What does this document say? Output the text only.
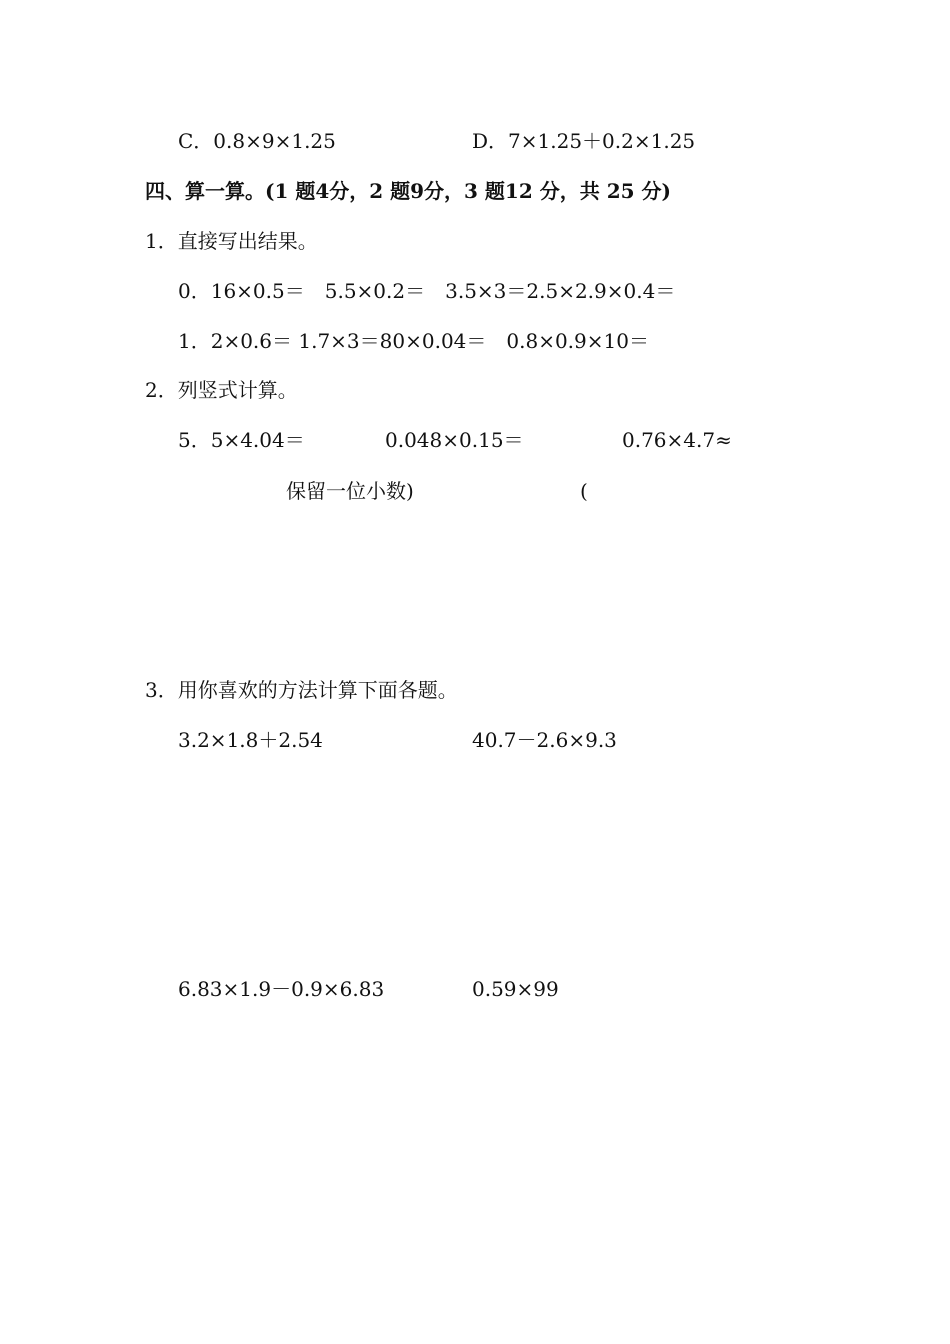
C．0.8×9×1.25	D．7×1.25＋0.2×1.25
四、算一算。(1 题4分，2 题9分，3 题12 分，共 25 分)
1．直接写出结果。
0．16×0.5＝　5.5×0.2＝　3.5×3＝2.5×2.9×0.4＝
1．2×0.6＝ 1.7×3＝80×0.04＝　0.8×0.9×10＝
2．列竖式计算。
5．5×4.04＝	0.048×0.15＝	0.76×4.7≈
保留一位小数)	(
3．用你喜欢的方法计算下面各题。
3.2×1.8＋2.54	40.7－2.6×9.3
6.83×1.9－0.9×6.83	0.59×99
